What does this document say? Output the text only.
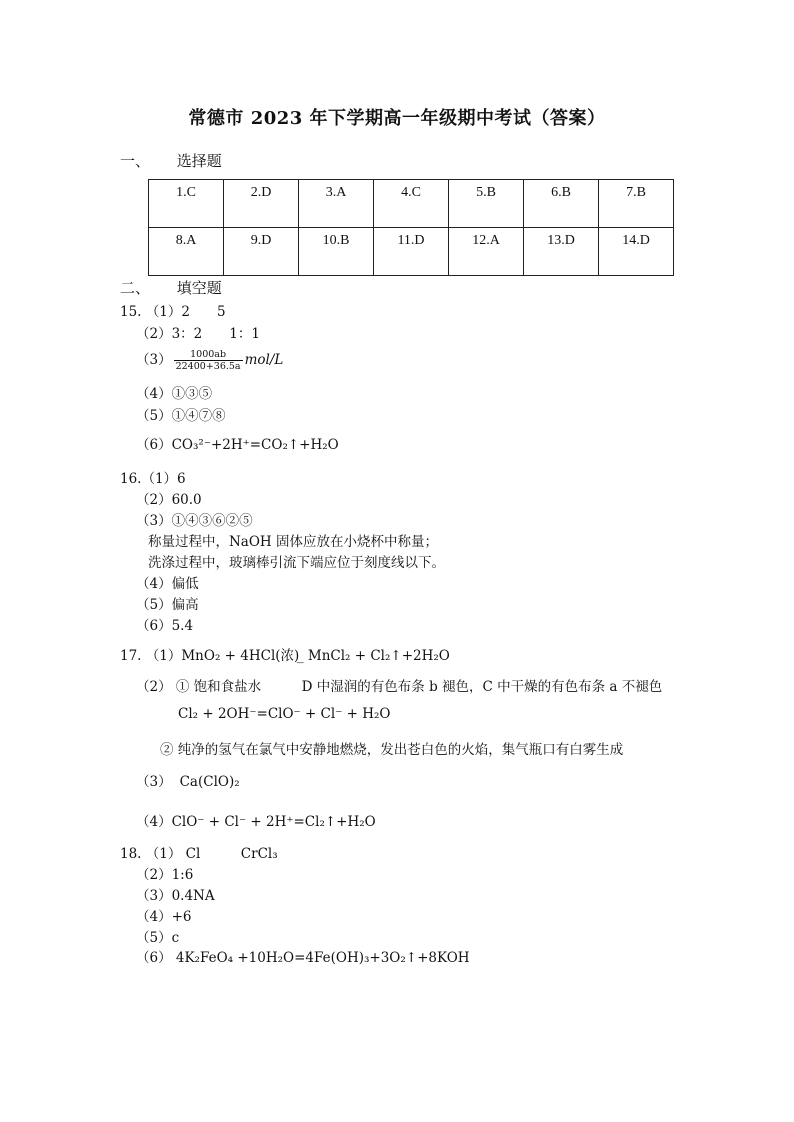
常德市 2023 年下学期高一年级期中考试（答案）
一、 选择题
1.C	2.D	3.A	4.C	5.B	6.B	7.B
8.A	9.D	10.B	11.D	12.A	13.D	14.D
二、 填空题
15. （1）2　　5
（2）3：2　　1：1
$(3) \frac{1000ab}{22400+36.5a} mol/L$
（4）①③⑤
（5）①④⑦⑧
（6）CO₃²⁻+2H⁺=CO₂↑+H₂O
16.（1）6
（2）60.0
（3）①④③⑥②⑤
称量过程中，NaOH 固体应放在小烧杯中称量；
洗涤过程中，玻璃棒引流下端应位于刻度线以下。
（4）偏低
（5）偏高
（6）5.4
17. （1）MnO₂ + 4HCl(浓) ̲ MnCl₂ + Cl₂↑+2H₂O
（2） ① 饱和食盐水　　　D 中湿润的有色布条 b 褪色，C 中干燥的有色布条 a 不褪色
Cl₂ + 2OH⁻=ClO⁻ + Cl⁻ + H₂O
② 纯净的氢气在氯气中安静地燃烧，发出苍白色的火焰，集气瓶口有白雾生成
（3） Ca(ClO)₂
（4）ClO⁻ + Cl⁻ + 2H⁺=Cl₂↑+H₂O
18. （1） Cl　　　CrCl₃
（2）1:6
（3）0.4NA
（4）+6
（5）c
（6） 4K₂FeO₄ +10H₂O=4Fe(OH)₃+3O₂↑+8KOH
